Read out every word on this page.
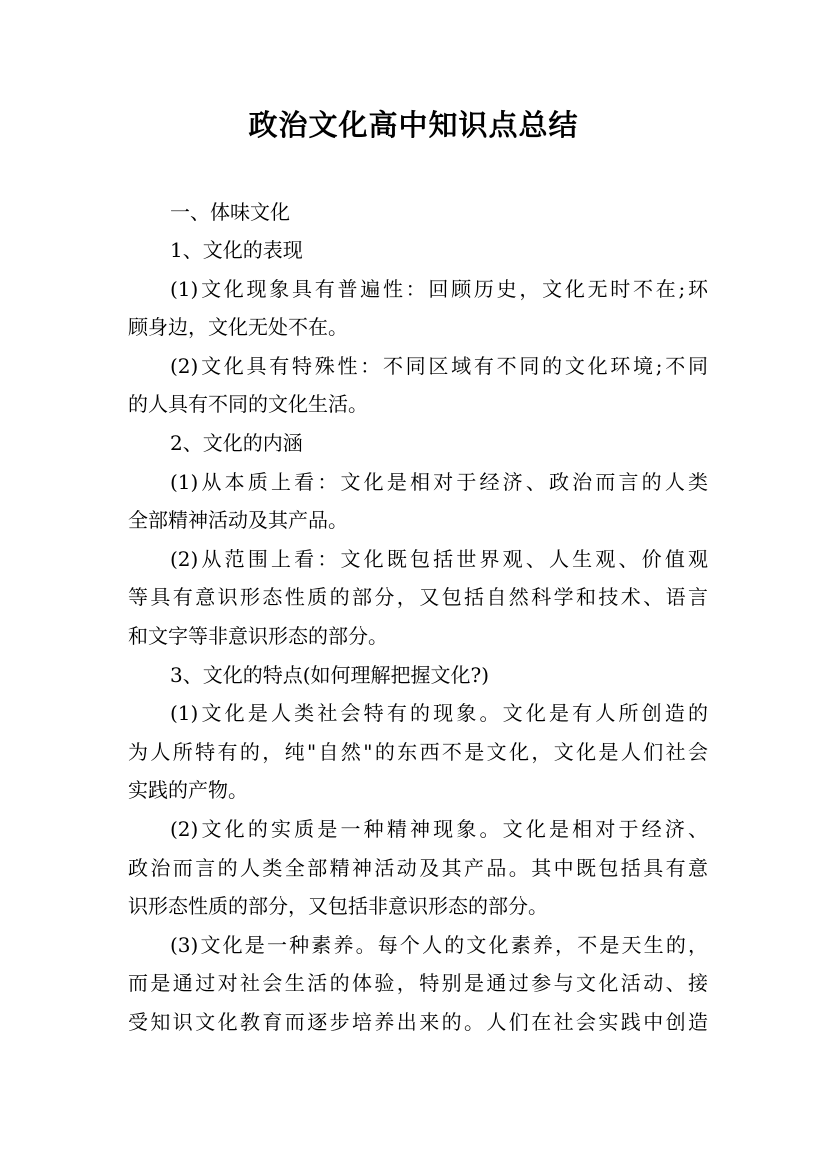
政治文化高中知识点总结
一、体味文化
1、文化的表现
(1)文化现象具有普遍性：回顾历史，文化无时不在;环
顾身边，文化无处不在。
(2)文化具有特殊性：不同区域有不同的文化环境;不同
的人具有不同的文化生活。
2、文化的内涵
(1)从本质上看：文化是相对于经济、政治而言的人类
全部精神活动及其产品。
(2)从范围上看：文化既包括世界观、人生观、价值观
等具有意识形态性质的部分，又包括自然科学和技术、语言
和文字等非意识形态的部分。
3、文化的特点(如何理解把握文化?)
(1)文化是人类社会特有的现象。文化是有人所创造的
为人所特有的，纯"自然"的东西不是文化，文化是人们社会
实践的产物。
(2)文化的实质是一种精神现象。文化是相对于经济、
政治而言的人类全部精神活动及其产品。其中既包括具有意
识形态性质的部分，又包括非意识形态的部分。
(3)文化是一种素养。每个人的文化素养，不是天生的，
而是通过对社会生活的体验，特别是通过参与文化活动、接
受知识文化教育而逐步培养出来的。人们在社会实践中创造
